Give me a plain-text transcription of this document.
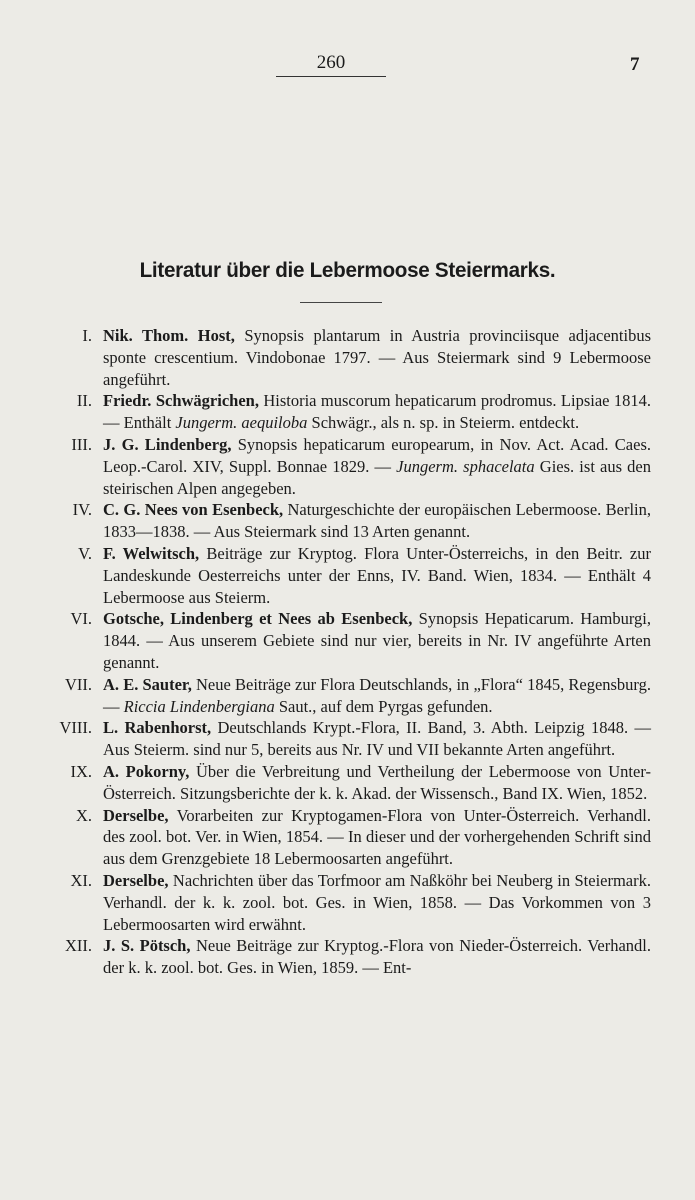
260	7
Literatur über die Lebermoose Steiermarks.
I. Nik. Thom. Host, Synopsis plantarum in Austria provinciisque adjacentibus sponte crescentium. Vindobonae 1797. — Aus Steiermark sind 9 Lebermoose angeführt.
II. Friedr. Schwägrichen, Historia muscorum hepaticarum prodromus. Lipsiae 1814. — Enthält Jungerm. aequiloba Schwägr., als n. sp. in Steierm. entdeckt.
III. J. G. Lindenberg, Synopsis hepaticarum europearum, in Nov. Act. Acad. Caes. Leop.-Carol. XIV, Suppl. Bonnae 1829. — Jungerm. sphacelata Gies. ist aus den steirischen Alpen angegeben.
IV. C. G. Nees von Esenbeck, Naturgeschichte der europäischen Lebermoose. Berlin, 1833—1838. — Aus Steiermark sind 13 Arten genannt.
V. F. Welwitsch, Beiträge zur Kryptog. Flora Unter-Österreichs, in den Beitr. zur Landeskunde Oesterreichs unter der Enns, IV. Band. Wien, 1834. — Enthält 4 Lebermoose aus Steierm.
VI. Gotsche, Lindenberg et Nees ab Esenbeck, Synopsis Hepaticarum. Hamburgi, 1844. — Aus unserem Gebiete sind nur vier, bereits in Nr. IV angeführte Arten genannt.
VII. A. E. Sauter, Neue Beiträge zur Flora Deutschlands, in „Flora“ 1845, Regensburg. — Riccia Lindenbergiana Saut., auf dem Pyrgas gefunden.
VIII. L. Rabenhorst, Deutschlands Krypt.-Flora, II. Band, 3. Abth. Leipzig 1848. — Aus Steierm. sind nur 5, bereits aus Nr. IV und VII bekannte Arten angeführt.
IX. A. Pokorny, Über die Verbreitung und Vertheilung der Lebermoose von Unter-Österreich. Sitzungsberichte der k. k. Akad. der Wissensch., Band IX. Wien, 1852.
X. Derselbe, Vorarbeiten zur Kryptogamen-Flora von Unter-Österreich. Verhandl. des zool. bot. Ver. in Wien, 1854. — In dieser und der vorhergehenden Schrift sind aus dem Grenzgebiete 18 Lebermoosarten angeführt.
XI. Derselbe, Nachrichten über das Torfmoor am Naßköhr bei Neuberg in Steiermark. Verhandl. der k. k. zool. bot. Ges. in Wien, 1858. — Das Vorkommen von 3 Lebermoosarten wird erwähnt.
XII. J. S. Pötsch, Neue Beiträge zur Kryptog.-Flora von Nieder-Österreich. Verhandl. der k. k. zool. bot. Ges. in Wien, 1859. — Ent-
